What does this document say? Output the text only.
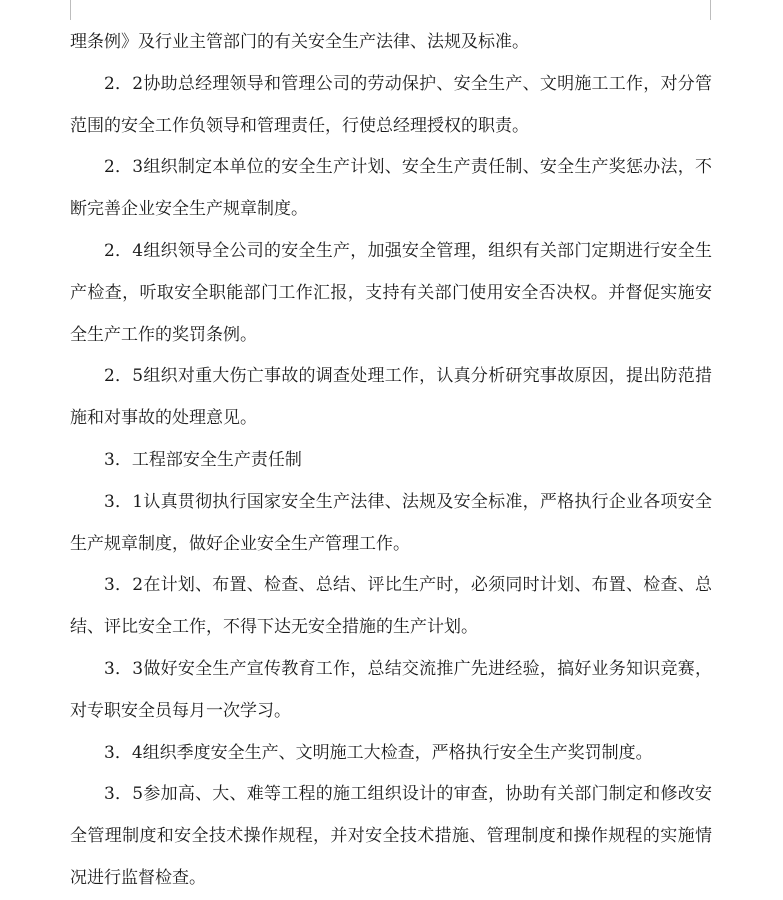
理条例》及行业主管部门的有关安全生产法律、法规及标准。

2．2协助总经理领导和管理公司的劳动保护、安全生产、文明施工工作，对分管范围的安全工作负领导和管理责任，行使总经理授权的职责。

2．3组织制定本单位的安全生产计划、安全生产责任制、安全生产奖惩办法，不断完善企业安全生产规章制度。

2．4组织领导全公司的安全生产，加强安全管理，组织有关部门定期进行安全生产检查，听取安全职能部门工作汇报，支持有关部门使用安全否决权。并督促实施安全生产工作的奖罚条例。

2．5组织对重大伤亡事故的调查处理工作，认真分析研究事故原因，提出防范措施和对事故的处理意见。

3．工程部安全生产责任制

3．1认真贯彻执行国家安全生产法律、法规及安全标准，严格执行企业各项安全生产规章制度，做好企业安全生产管理工作。

3．2在计划、布置、检查、总结、评比生产时，必须同时计划、布置、检查、总结、评比安全工作，不得下达无安全措施的生产计划。

3．3做好安全生产宣传教育工作，总结交流推广先进经验，搞好业务知识竞赛，对专职安全员每月一次学习。

3．4组织季度安全生产、文明施工大检查，严格执行安全生产奖罚制度。

3．5参加高、大、难等工程的施工组织设计的审查，协助有关部门制定和修改安全管理制度和安全技术操作规程，并对安全技术措施、管理制度和操作规程的实施情况进行监督检查。
